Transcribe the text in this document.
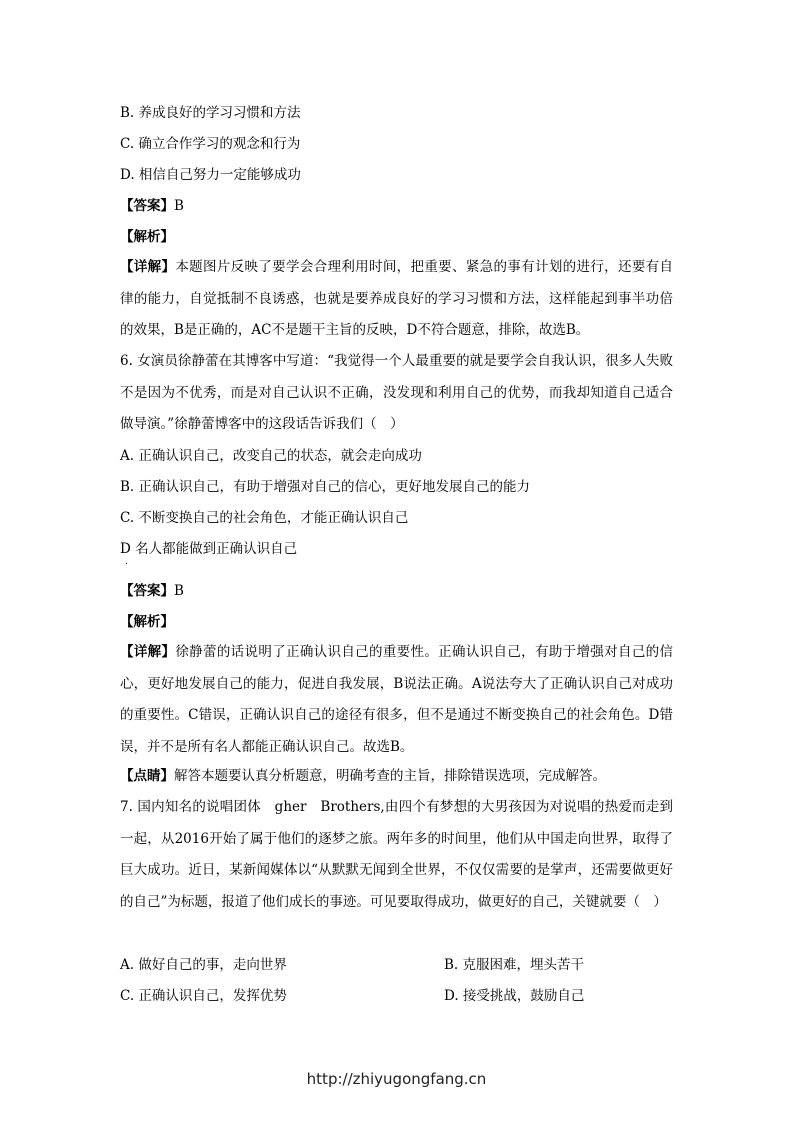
B. 养成良好的学习习惯和方法
C. 确立合作学习的观念和行为
D. 相信自己努力一定能够成功
【答案】B
【解析】
【详解】本题图片反映了要学会合理利用时间，把重要、紧急的事有计划的进行，还要有自律的能力，自觉抵制不良诱惑，也就是要养成良好的学习习惯和方法，这样能起到事半功倍的效果，B是正确的，AC不是题干主旨的反映，D不符合题意，排除，故选B。
6. 女演员徐静蕾在其博客中写道：“我觉得一个人最重要的就是要学会自我认识，很多人失败不是因为不优秀，而是对自己认识不正确，没发现和利用自己的优势，而我却知道自己适合做导演。”徐静蕾博客中的这段话告诉我们（　）
A. 正确认识自己，改变自己的状态，就会走向成功
B. 正确认识自己，有助于增强对自己的信心，更好地发展自己的能力
C. 不断变换自己的社会角色，才能正确认识自己
D 名人都能做到正确认识自己
.
【答案】B
【解析】
【详解】徐静蕾的话说明了正确认识自己的重要性。正确认识自己，有助于增强对自己的信心，更好地发展自己的能力，促进自我发展，B说法正确。A说法夸大了正确认识自己对成功的重要性。C错误，正确认识自己的途径有很多，但不是通过不断变换自己的社会角色。D错误，并不是所有名人都能正确认识自己。故选B。
【点睛】解答本题要认真分析题意，明确考查的主旨，排除错误选项，完成解答。
7. 国内知名的说唱团体　gher　Brothers,由四个有梦想的大男孩因为对说唱的热爱而走到一起，从2016开始了属于他们的逐梦之旅。两年多的时间里，他们从中国走向世界，取得了巨大成功。近日，某新闻媒体以“从默默无闻到全世界，不仅仅需要的是掌声，还需要做更好的自己”为标题，报道了他们成长的事迹。可见要取得成功，做更好的自己，关键就要（　）
A. 做好自己的事，走向世界	B. 克服困难，埋头苦干
C. 正确认识自己，发挥优势	D. 接受挑战，鼓励自己
http://zhiyugongfang.cn
